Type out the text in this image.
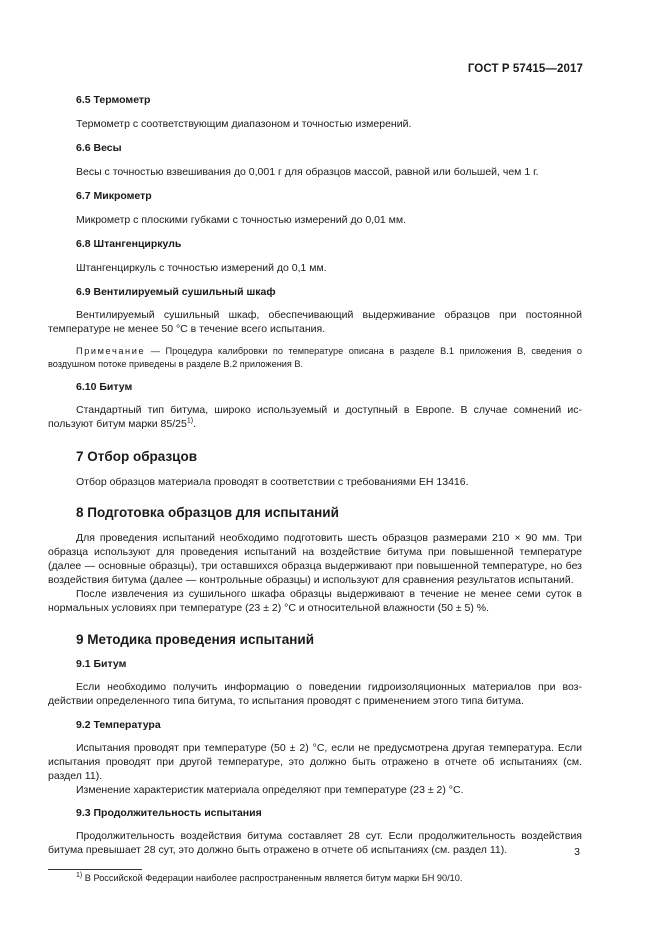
ГОСТ Р 57415—2017

6.5 Термометр

Термометр с соответствующим диапазоном и точностью измерений.

6.6 Весы

Весы с точностью взвешивания до 0,001 г для образцов массой, равной или большей, чем 1 г.

6.7 Микрометр

Микрометр с плоскими губками с точностью измерений до 0,01 мм.

6.8 Штангенциркуль

Штангенциркуль с точностью измерений до 0,1 мм.

6.9 Вентилируемый сушильный шкаф

Вентилируемый сушильный шкаф, обеспечивающий выдерживание образцов при постоянной температуре не менее 50 °С в течение всего испытания.

Примечание — Процедура калибровки по температуре описана в разделе В.1 приложения В, сведения о воздушном потоке приведены в разделе В.2 приложения В.

6.10 Битум

Стандартный тип битума, широко используемый и доступный в Европе. В случае сомнений используют битум марки 85/25$^{1)}$.

7 Отбор образцов

Отбор образцов материала проводят в соответствии с требованиями ЕН 13416.

8 Подготовка образцов для испытаний

Для проведения испытаний необходимо подготовить шесть образцов размерами 210 × 90 мм. Три образца используют для проведения испытаний на воздействие битума при повышенной температуре (далее — основные образцы), три оставшихся образца выдерживают при повышенной температуре, но без воздействия битума (далее — контрольные образцы) и используют для сравнения результатов испытаний.

После извлечения из сушильного шкафа образцы выдерживают в течение не менее семи суток в нормальных условиях при температуре (23 ± 2) °С и относительной влажности (50 ± 5) %.

9 Методика проведения испытаний

9.1 Битум

Если необходимо получить информацию о поведении гидроизоляционных материалов при воздействии определенного типа битума, то испытания проводят с применением этого типа битума.

9.2 Температура

Испытания проводят при температуре (50 ± 2) °С, если не предусмотрена другая температура. Если испытания проводят при другой температуре, это должно быть отражено в отчете об испытаниях (см. раздел 11).

Изменение характеристик материала определяют при температуре (23 ± 2) °С.

9.3 Продолжительность испытания

Продолжительность воздействия битума составляет 28 сут. Если продолжительность воздействия битума превышает 28 сут, это должно быть отражено в отчете об испытаниях (см. раздел 11).

$^{1)}$ В Российской Федерации наиболее распространенным является битум марки БН 90/10.

3
